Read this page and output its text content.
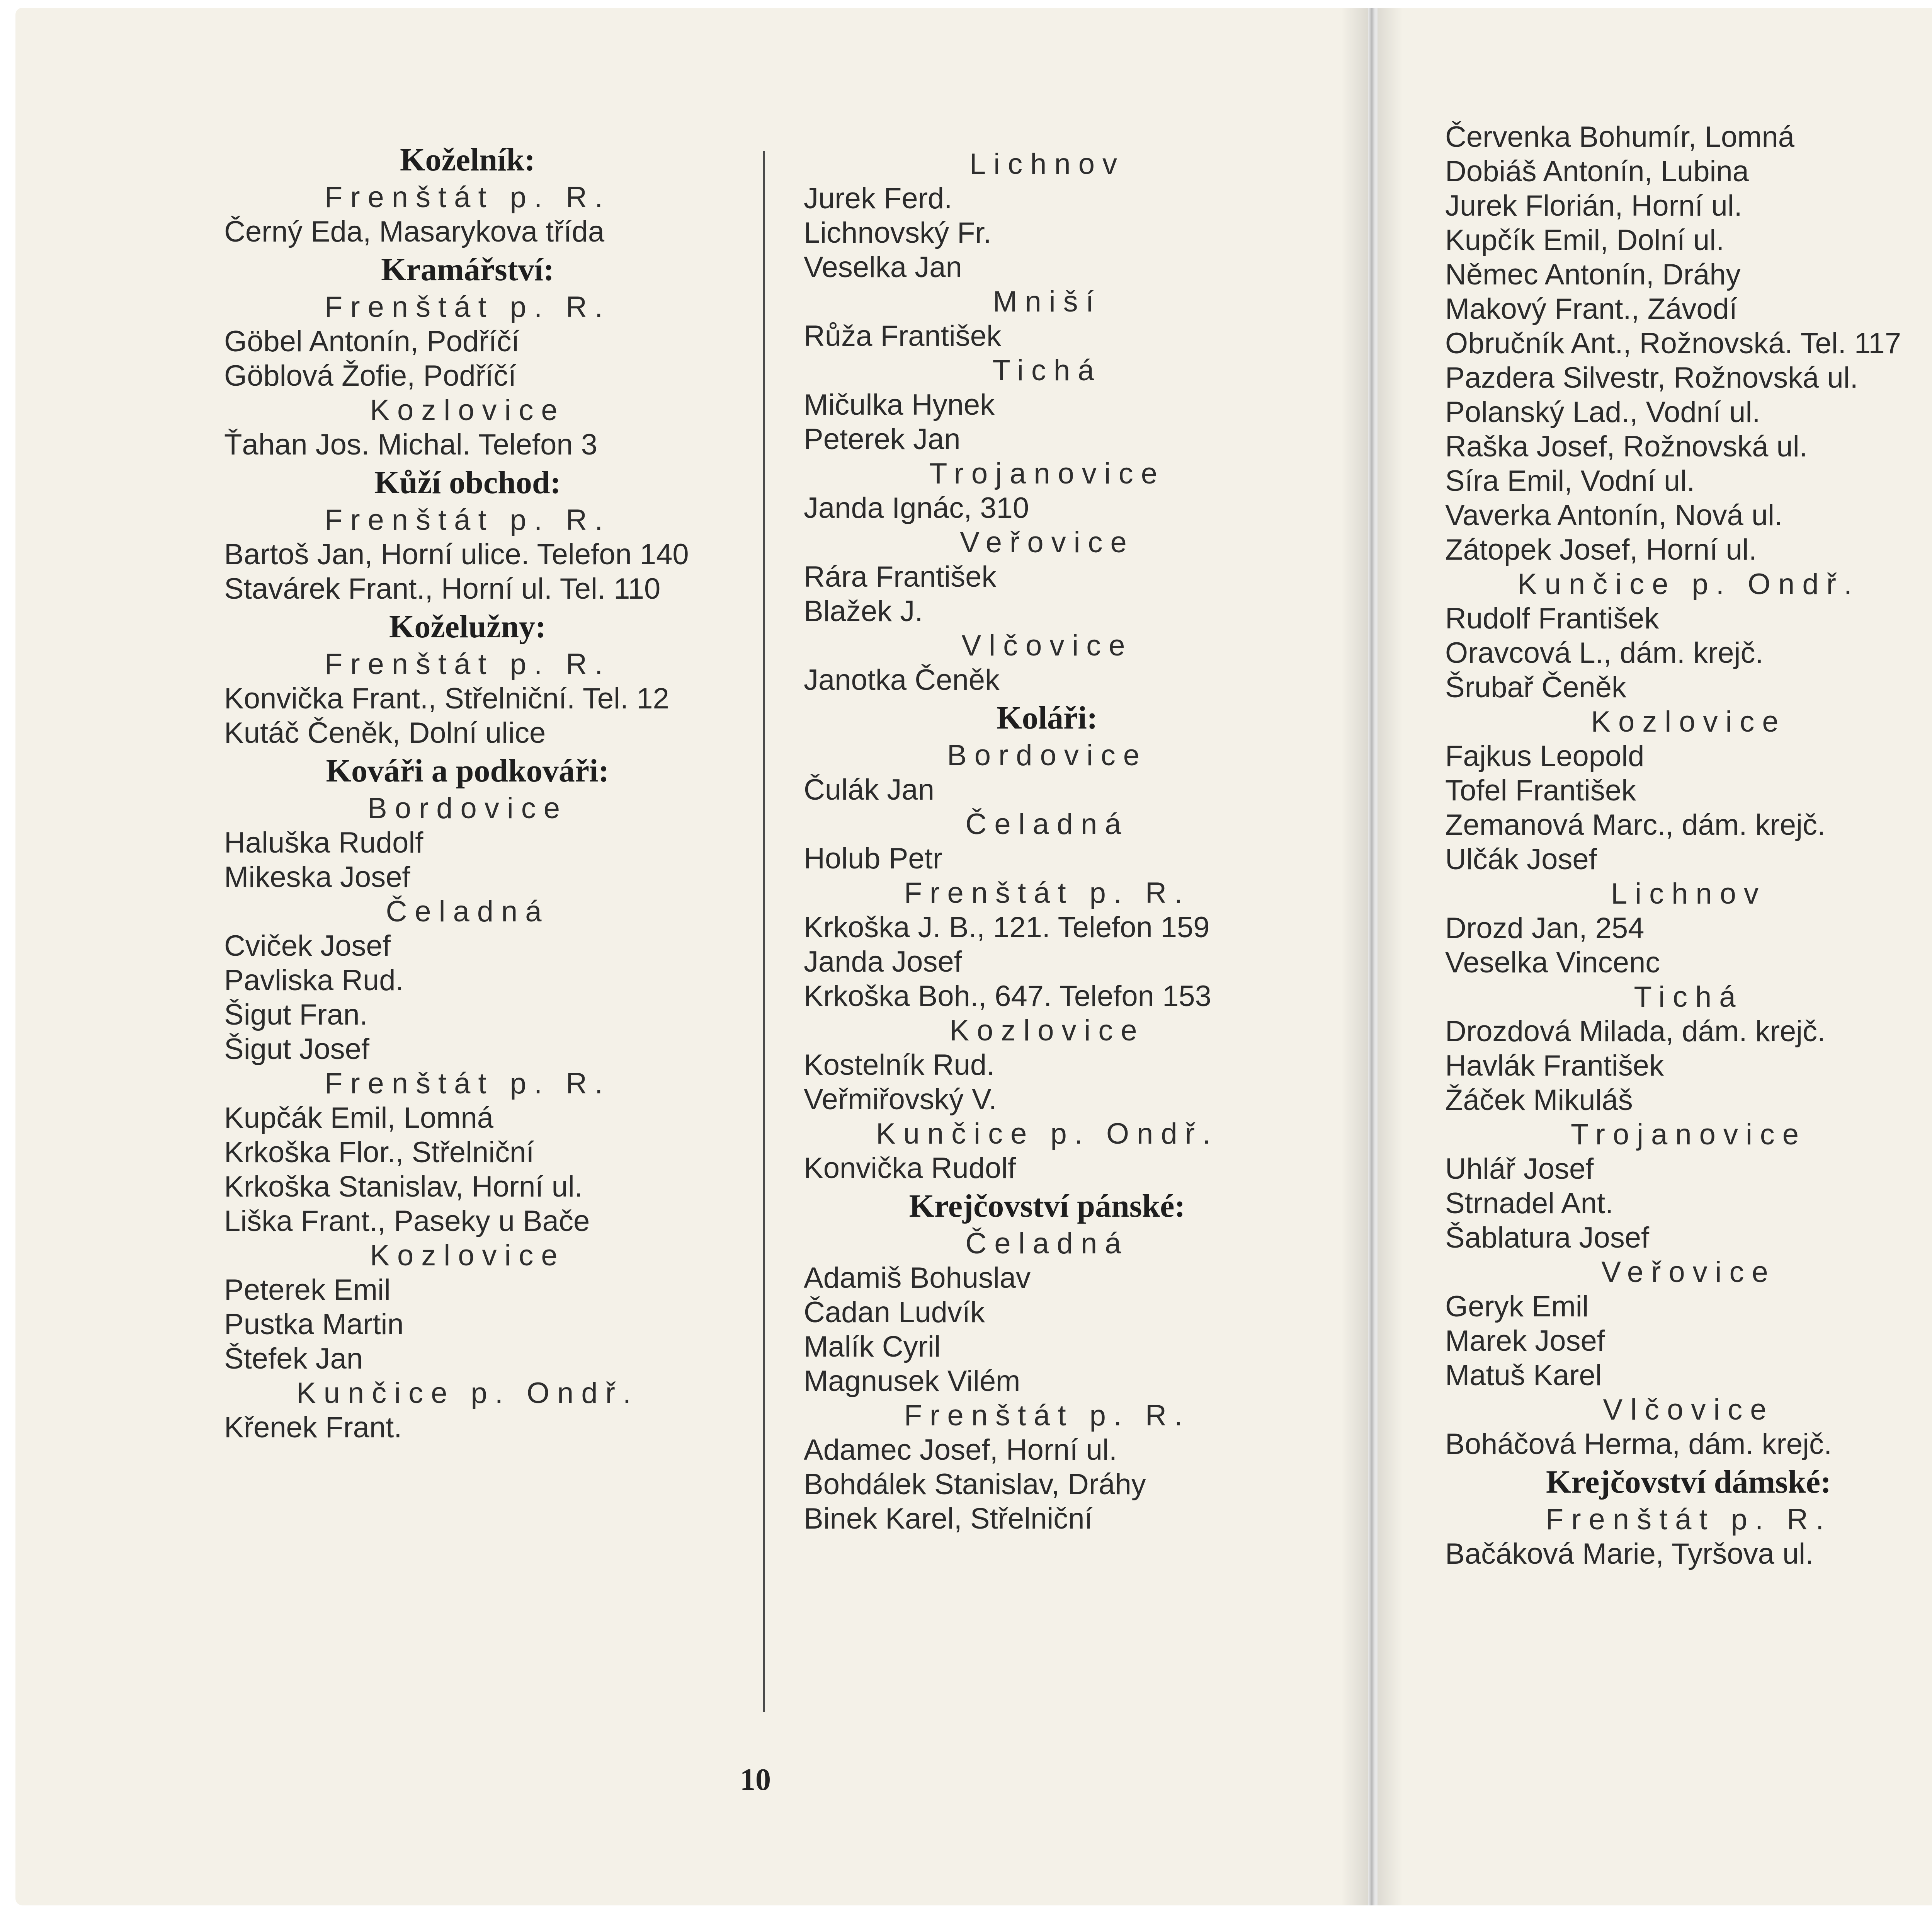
Koželník:
Frenštát p. R.
Černý Eda, Masarykova třída
Kramářství:
Frenštát p. R.
Göbel Antonín, Podříčí
Göblová Žofie, Podříčí
Kozlovice
Ťahan Jos. Michal. Telefon 3
Kůží obchod:
Frenštát p. R.
Bartoš Jan, Horní ulice. Telefon 140
Stavárek Frant., Horní ul. Tel. 110
Koželužny:
Frenštát p. R.
Konvička Frant., Střelniční. Tel. 12
Kutáč Čeněk, Dolní ulice
Kováři a podkováři:
Bordovice
Haluška Rudolf
Mikeska Josef
Čeladná
Cviček Josef
Pavliska Rud.
Šigut Fran.
Šigut Josef
Frenštát p. R.
Kupčák Emil, Lomná
Krkoška Flor., Střelniční
Krkoška Stanislav, Horní ul.
Liška Frant., Paseky u Bače
Kozlovice
Peterek Emil
Pustka Martin
Štefek Jan
Kunčice p. Ondř.
Křenek Frant.
Lichnov
Jurek Ferd.
Lichnovský Fr.
Veselka Jan
Mniší
Růža František
Tichá
Mičulka Hynek
Peterek Jan
Trojanovice
Janda Ignác, 310
Veřovice
Rára František
Blažek J.
Vlčovice
Janotka Čeněk
Koláři:
Bordovice
Čulák Jan
Čeladná
Holub Petr
Frenštát p. R.
Krkoška J. B., 121. Telefon 159
Janda Josef
Krkoška Boh., 647. Telefon 153
Kozlovice
Kostelník Rud.
Veřmiřovský V.
Kunčice p. Ondř.
Konvička Rudolf
Krejčovství pánské:
Čeladná
Adamiš Bohuslav
Čadan Ludvík
Malík Cyril
Magnusek Vilém
Frenštát p. R.
Adamec Josef, Horní ul.
Bohdálek Stanislav, Dráhy
Binek Karel, Střelniční
Červenka Bohumír, Lomná
Dobiáš Antonín, Lubina
Jurek Florián, Horní ul.
Kupčík Emil, Dolní ul.
Němec Antonín, Dráhy
Makový Frant., Závodí
Obručník Ant., Rožnovská. Tel. 117
Pazdera Silvestr, Rožnovská ul.
Polanský Lad., Vodní ul.
Raška Josef, Rožnovská ul.
Síra Emil, Vodní ul.
Vaverka Antonín, Nová ul.
Zátopek Josef, Horní ul.
Kunčice p. Ondř.
Rudolf František
Oravcová L., dám. krejč.
Šrubař Čeněk
Kozlovice
Fajkus Leopold
Tofel František
Zemanová Marc., dám. krejč.
Ulčák Josef
Lichnov
Drozd Jan, 254
Veselka Vincenc
Tichá
Drozdová Milada, dám. krejč.
Havlák František
Žáček Mikuláš
Trojanovice
Uhlář Josef
Strnadel Ant.
Šablatura Josef
Veřovice
Geryk Emil
Marek Josef
Matuš Karel
Vlčovice
Boháčová Herma, dám. krejč.
Krejčovství dámské:
Frenštát p. R.
Bačáková Marie, Tyršova ul.
10
